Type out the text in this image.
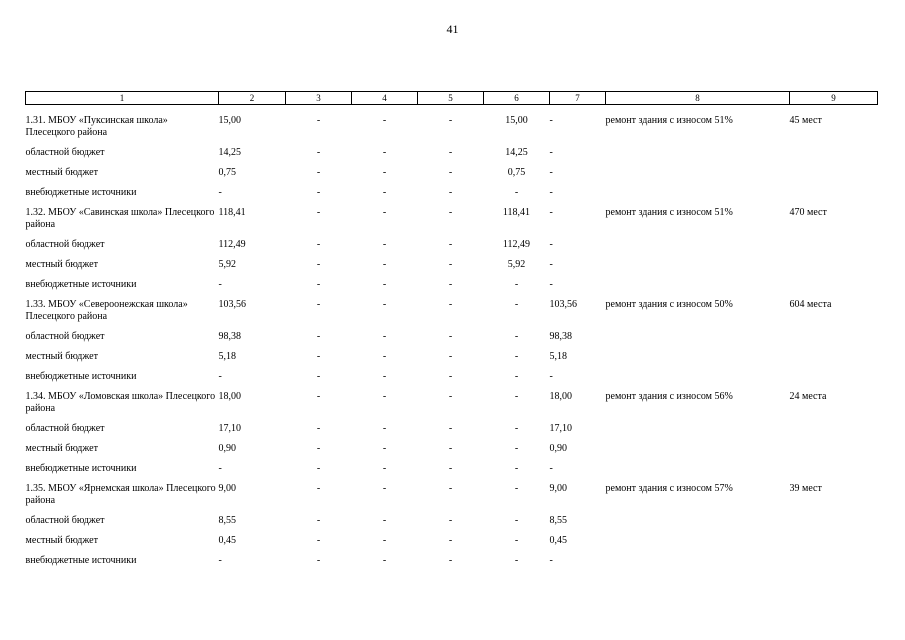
41
1	2	3	4	5	6	7	8	9

1.31. МБОУ «Пуксинская школа» Плесецкого района	15,00	-	-	-	15,00	-	ремонт здания с износом 51%	45 мест
областной бюджет	14,25	-	-	-	14,25	-		
местный бюджет	0,75	-	-	-	0,75	-		
внебюджетные источники	-	-	-	-	-	-		
1.32. МБОУ «Савинская школа» Плесецкого района	118,41	-	-	-	118,41	-	ремонт здания с износом 51%	470 мест
областной бюджет	112,49	-	-	-	112,49	-		
местный бюджет	5,92	-	-	-	5,92	-		
внебюджетные источники	-	-	-	-	-	-		
1.33. МБОУ «Североонежская школа» Плесецкого района	103,56	-	-	-	-	103,56	ремонт здания с износом 50%	604 места
областной бюджет	98,38	-	-	-	-	98,38		
местный бюджет	5,18	-	-	-	-	5,18		
внебюджетные источники	-	-	-	-	-	-		
1.34. МБОУ «Ломовская школа» Плесецкого района	18,00	-	-	-	-	18,00	ремонт здания с износом 56%	24 места
областной бюджет	17,10	-	-	-	-	17,10		
местный бюджет	0,90	-	-	-	-	0,90		
внебюджетные источники	-	-	-	-	-	-		
1.35. МБОУ «Ярнемская школа» Плесецкого района	9,00	-	-	-	-	9,00	ремонт здания с износом 57%	39 мест
областной бюджет	8,55	-	-	-	-	8,55		
местный бюджет	0,45	-	-	-	-	0,45		
внебюджетные источники	-	-	-	-	-	-		
